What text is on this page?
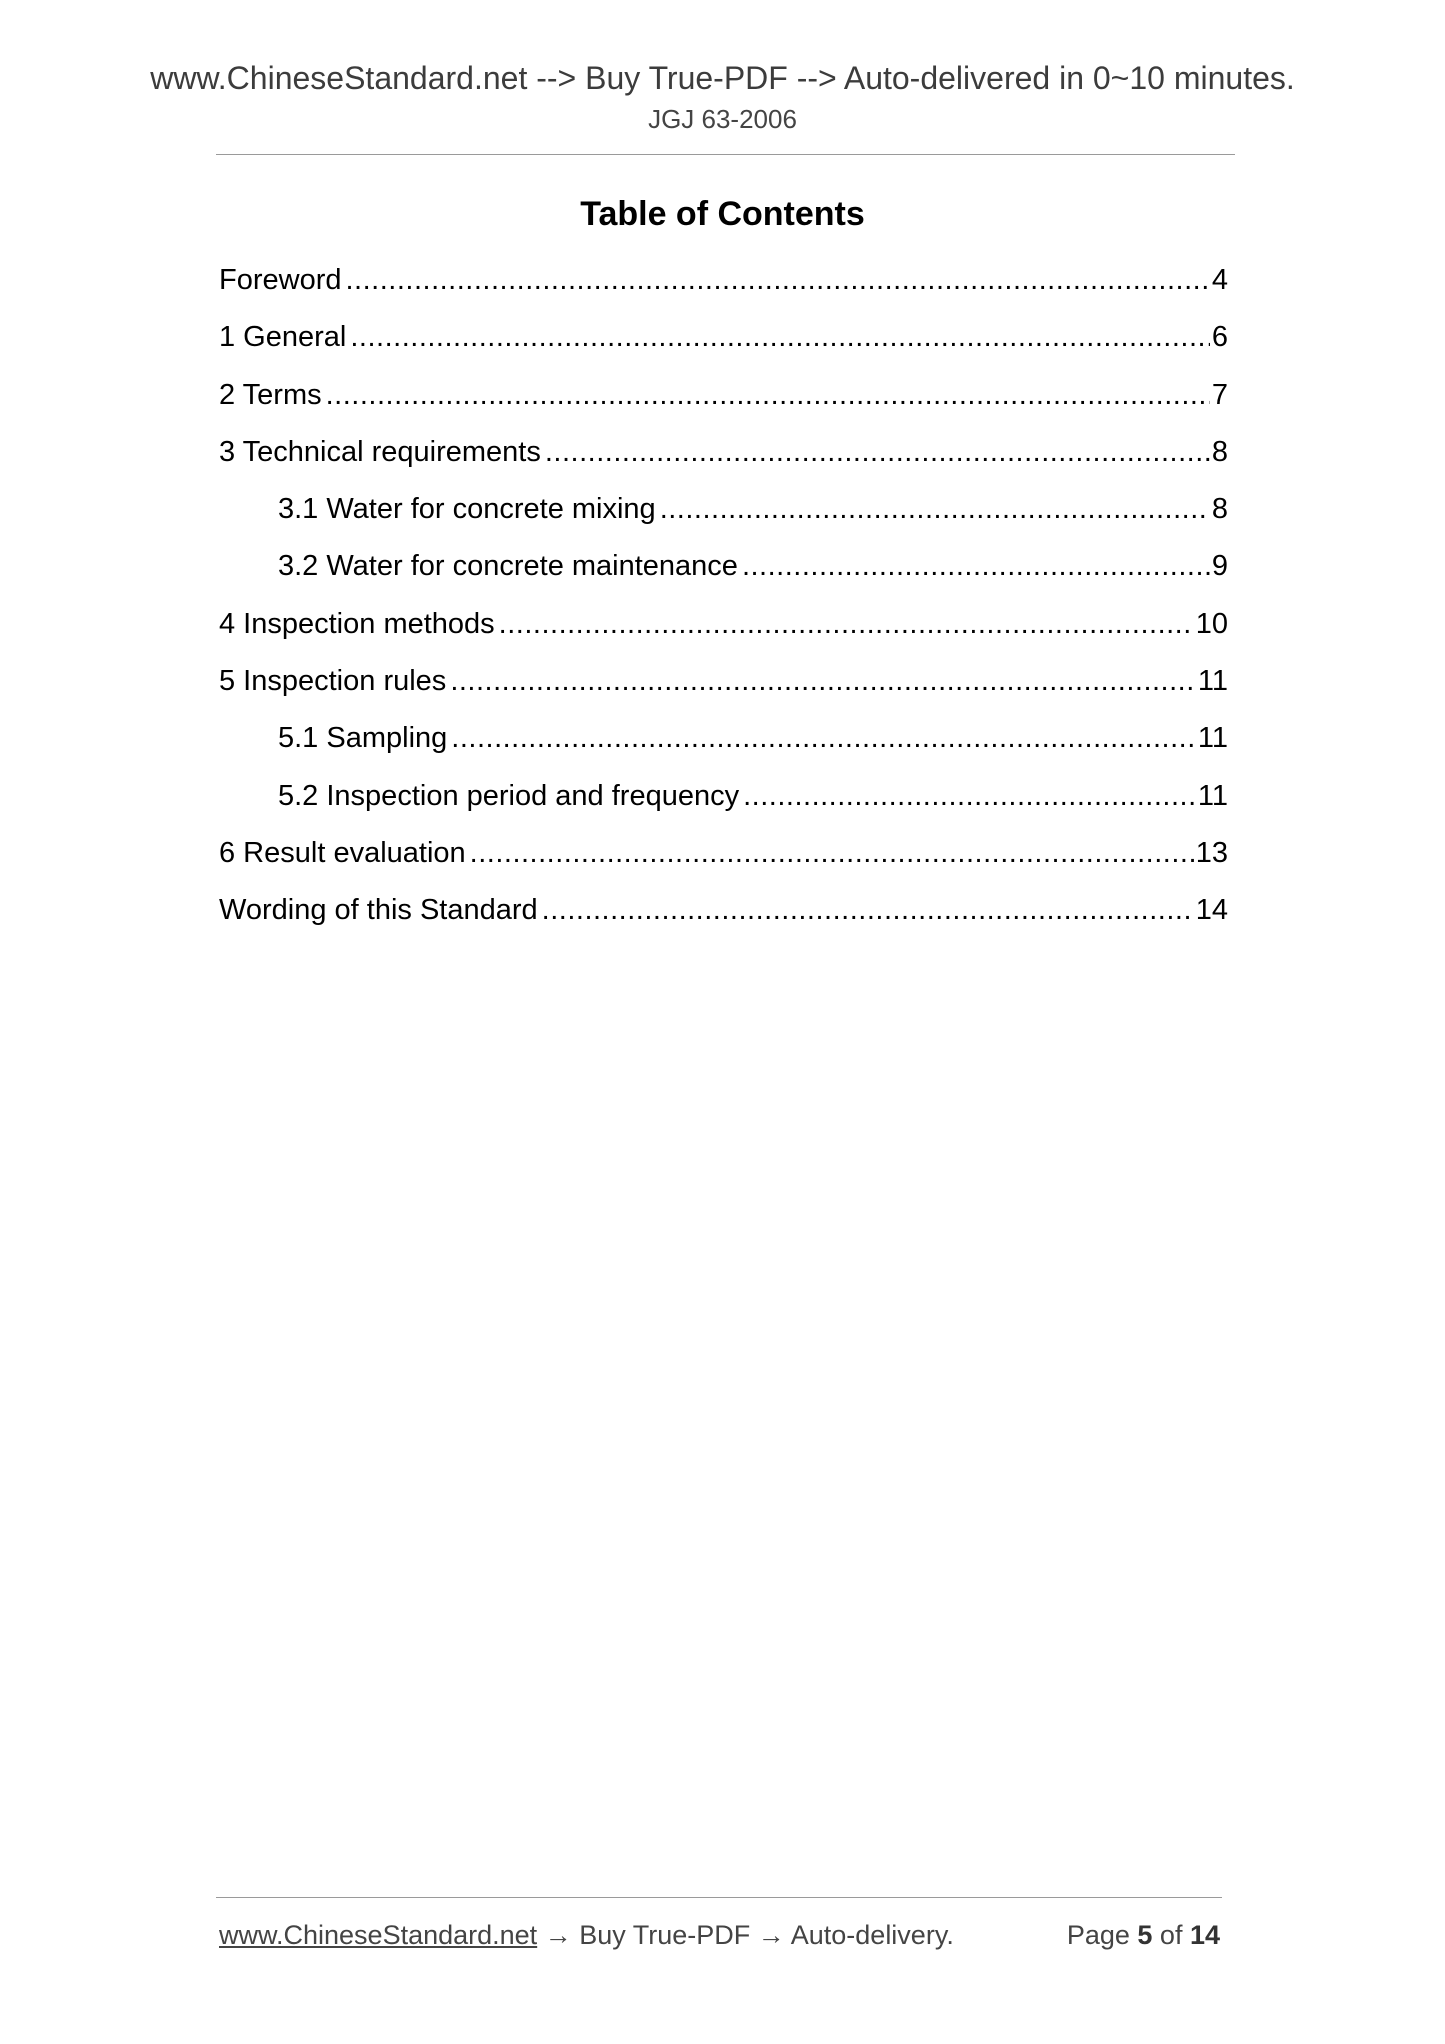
www.ChineseStandard.net --> Buy True-PDF --> Auto-delivered in 0~10 minutes.
JGJ 63-2006
Table of Contents
Foreword .....	4
1 General .....	6
2 Terms .....	7
3 Technical requirements .....	8
3.1 Water for concrete mixing .....	8
3.2 Water for concrete maintenance .....	9
4 Inspection methods .....	10
5 Inspection rules .....	11
5.1 Sampling .....	11
5.2 Inspection period and frequency .....	11
6 Result evaluation .....	13
Wording of this Standard .....	14
www.ChineseStandard.net → Buy True-PDF → Auto-delivery.	Page 5 of 14
